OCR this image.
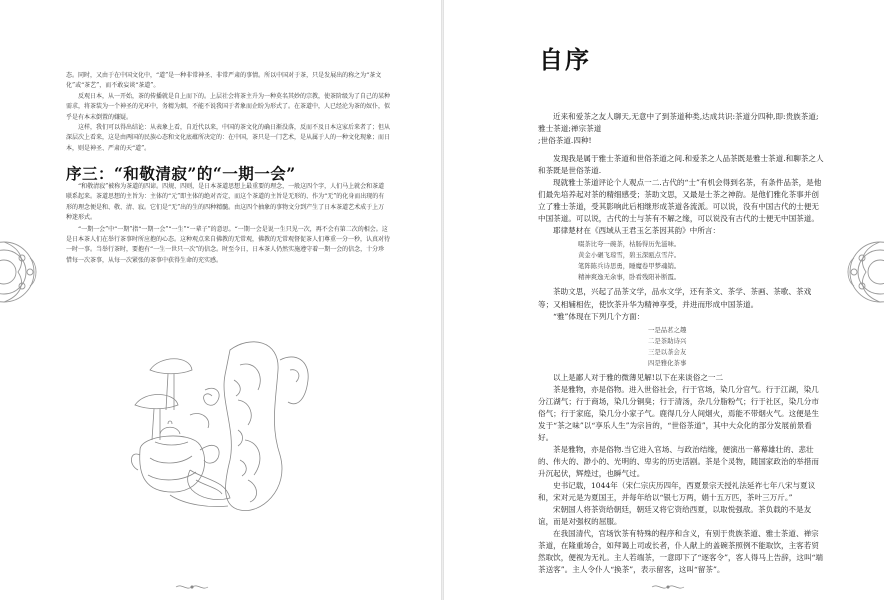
态。同时，又由于在中国文化中，“道”是一种非常神圣、非常严肃的事情。所以中国对于茶，只是发展出的称之为“茶文化”或“茶艺”，而不敢妄谈“茶道”。

反观日本，从一开始，茶的传播就是自上而下的。上层社会将茶主升为一种莫名其妙的宗教，使茶阶级为了自己的某种需求，将茶装为一个神圣的光环中，务精为烟，不能不说我国于者象而企盼为形式了。在茶道中，人已经沦为茶的奴仆，似乎是有本末倒置的嫌疑。

这样，我们可以得出结论：从表象上看，自近代以来，中国的茶文化的确日渐没落，反而不及日本这家后来者了；但从深层次上看来，这是由两国的民族心态和文化底蕴所决定的：在中国，茶只是一门艺术，是从属于人的一种文化现象；而日本，则是神圣、严肃的天“道”。

序三：“和敬清寂”的“一期一会”

“和敬清寂”被称为茶道的四谛。四规、四则，是日本茶道思想上最重要的理念，一般这四个字，人们马上就会和茶道联系起来。茶道思想的主旨为：主体的“元”即主体的绝对否定，而这个茶道的主旨是无形的、作为“无”的化身而出现的有形的理念便是和、敬、清、寂。它们是“无”出的生的四种精髓。由这四个抽象的事物文分到产生了日本茶道艺术成于上万种迷形式。

“一期一会”中“一期”指“一期一会”“一生”“一辈子”的意思。“一期一会是说一生只见一次，再不会有第二次的相会。这是日本茶人们在举行茶事时所应抱的心态。这种观点来自佛教的无常观，佛教的无常观督促茶人们尊重一分一秒，认真对待一时一事。当举行茶时，要抱有“一生一世只一次”的信念。时至今日，日本茶人仍然实施遵守着一期一会的信念，十分珍惜每一次茶事，从每一次紧张的茶事中获得生命的充实感。

自序

近来和爱茶之友人聊天,无意中了到茶道种类,达成共识:茶道分四种,即:贵族茶道;雅士茶道;禅宗茶道

;世俗茶道.四种!

发现我是属于雅士茶道和世俗茶道之间.和爱茶之人品茶既是雅士茶道.和聊茶之人和茶既是世俗茶道.

现就雅士茶道评论个人观点一二.古代的“士”有机会得到名茶，有条件品茶，是他们最先培养起对茶的精细感受；茶助文思，又最是士茶之神韵。是他们雅化茶事并创立了雅士茶道，受其影响此后相继形成茶道各流派。可以说，没有中国古代的士便无中国茶道。可以说，古代的士与茶有不解之缘，可以说没有古代的士便无中国茶道。

耶律楚材在《西域从王君玉乞茶因其韵》中所言：

啜茶比夸一碗茶，枯肠得历先滋味。
黄金小碾飞琼雪，碧玉深瓯点雪芹。
笔阵陈兵诗思勇，睡魔卷甲梦魂销。
精神爽逸无余事，卧看残阳补断霞。

茶助文思，兴起了品茶文学，品水文学，还有茶文、茶学、茶画、茶歌、茶戏等；又相辅相佐，使饮茶升华为精神享受，并进而形成中国茶道。

“雅”体现在下列几个方面：

一是品茗之趣
二是茶助诗兴
三是以茶会友
四是雅化茶事

以上是鄙人对于雅的微薄见解!以下在来谈俗之一二

茶是雅物，亦是俗物。进入世俗社会，行于官场，染几分官气。行于江湖，染几分江湖气；行于商场，染几分铜臭；行于清汤，杂几分脂粉气；行于社区，染几分市俗气；行于家庭，染几分小家子气。鹿得几分人间烟火，焉能不带烟火气。这便是生发于“茶之味”以“享乐人生”为宗旨的，“世俗茶道”，其中大众化的部分发展前景看好。

茶是雅物，亦是俗物.当它进入官场、与政治结缘，便演出一幕幕雄壮的、悲壮的、伟大的、渺小的、光明的、卑劣的历史活剧。茶是个灵物，随国家政治的举措而升沉起伏，辉煌过，也瞬气过。

史书记载，1044年（宋仁宗庆历四年，西夏景宗天授礼法延祚七年八宋与夏议和，宋对元是为夏国王，并每年给以“银七万两，娟十五万匹，茶叶三万斤。”

宋朝国人将茶资给朝廷，朝廷又将它资给西夏，以取悦强敌。茶负载的不是友谊，而是对强权的屈服。

在我国清代，官场饮茶有特殊的程序和含义，有别于贵族茶道、雅士茶道、禅宗茶道，在隆重场合，如拜谒上司或长者，仆人献上的盖碗茶照例不能取饮，主客若贸然取饮，便视为无礼。主人若端茶，一意即下了“逐客令”，客人得马上告辞，这叫“端茶送客”。主人令仆人“换茶”，表示留客，这叫“留茶”。
